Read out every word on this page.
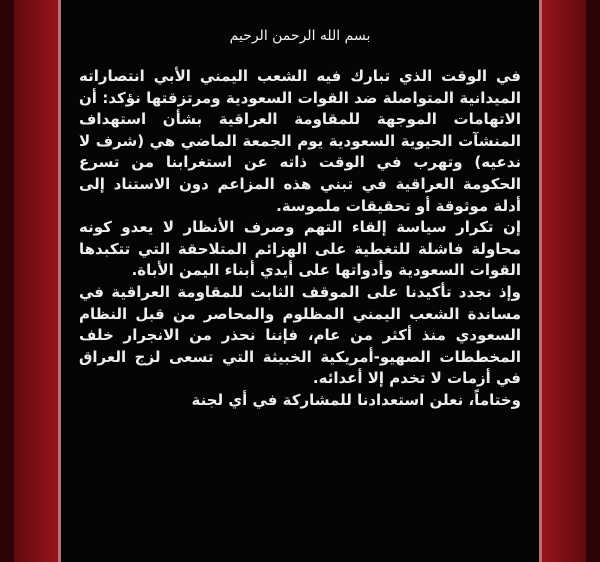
بسم الله الرحمن الرحيم

في الوقت الذي تبارك فيه الشعب اليمني الأبي انتصاراته الميدانية المتواصلة ضد القوات السعودية ومرتزقتها نؤكد: أن الاتهامات الموجهة للمقاومة العراقية بشأن استهداف المنشآت الحيوية السعودية يوم الجمعة الماضي هي (شرف لا ندعيه) وتهرب في الوقت ذاته عن استغرابنا من تسرع الحكومة العراقية في تبني هذه المزاعم دون الاستناد إلى أدلة موثوقة أو تحقيقات ملموسة.

إن تكرار سياسة إلقاء التهم وصرف الأنظار لا يعدو كونه محاولة فاشلة للتغطية على الهزائم المتلاحقة التي تتكبدها القوات السعودية وأدواتها على أيدي أبناء اليمن الأباة.

وإذ نجدد تأكيدنا على الموقف الثابت للمقاومة العراقية في مساندة الشعب اليمني المظلوم والمحاصر من قبل النظام السعودي منذ أكثر من عام، فإننا نحذر من الانجرار خلف المخططات الصهيو-أمريكية الخبيثة التي تسعى لزج العراق في أزمات لا تخدم إلا أعدائه.

وختاماً، نعلن استعدادنا للمشاركة في أي لجنة
